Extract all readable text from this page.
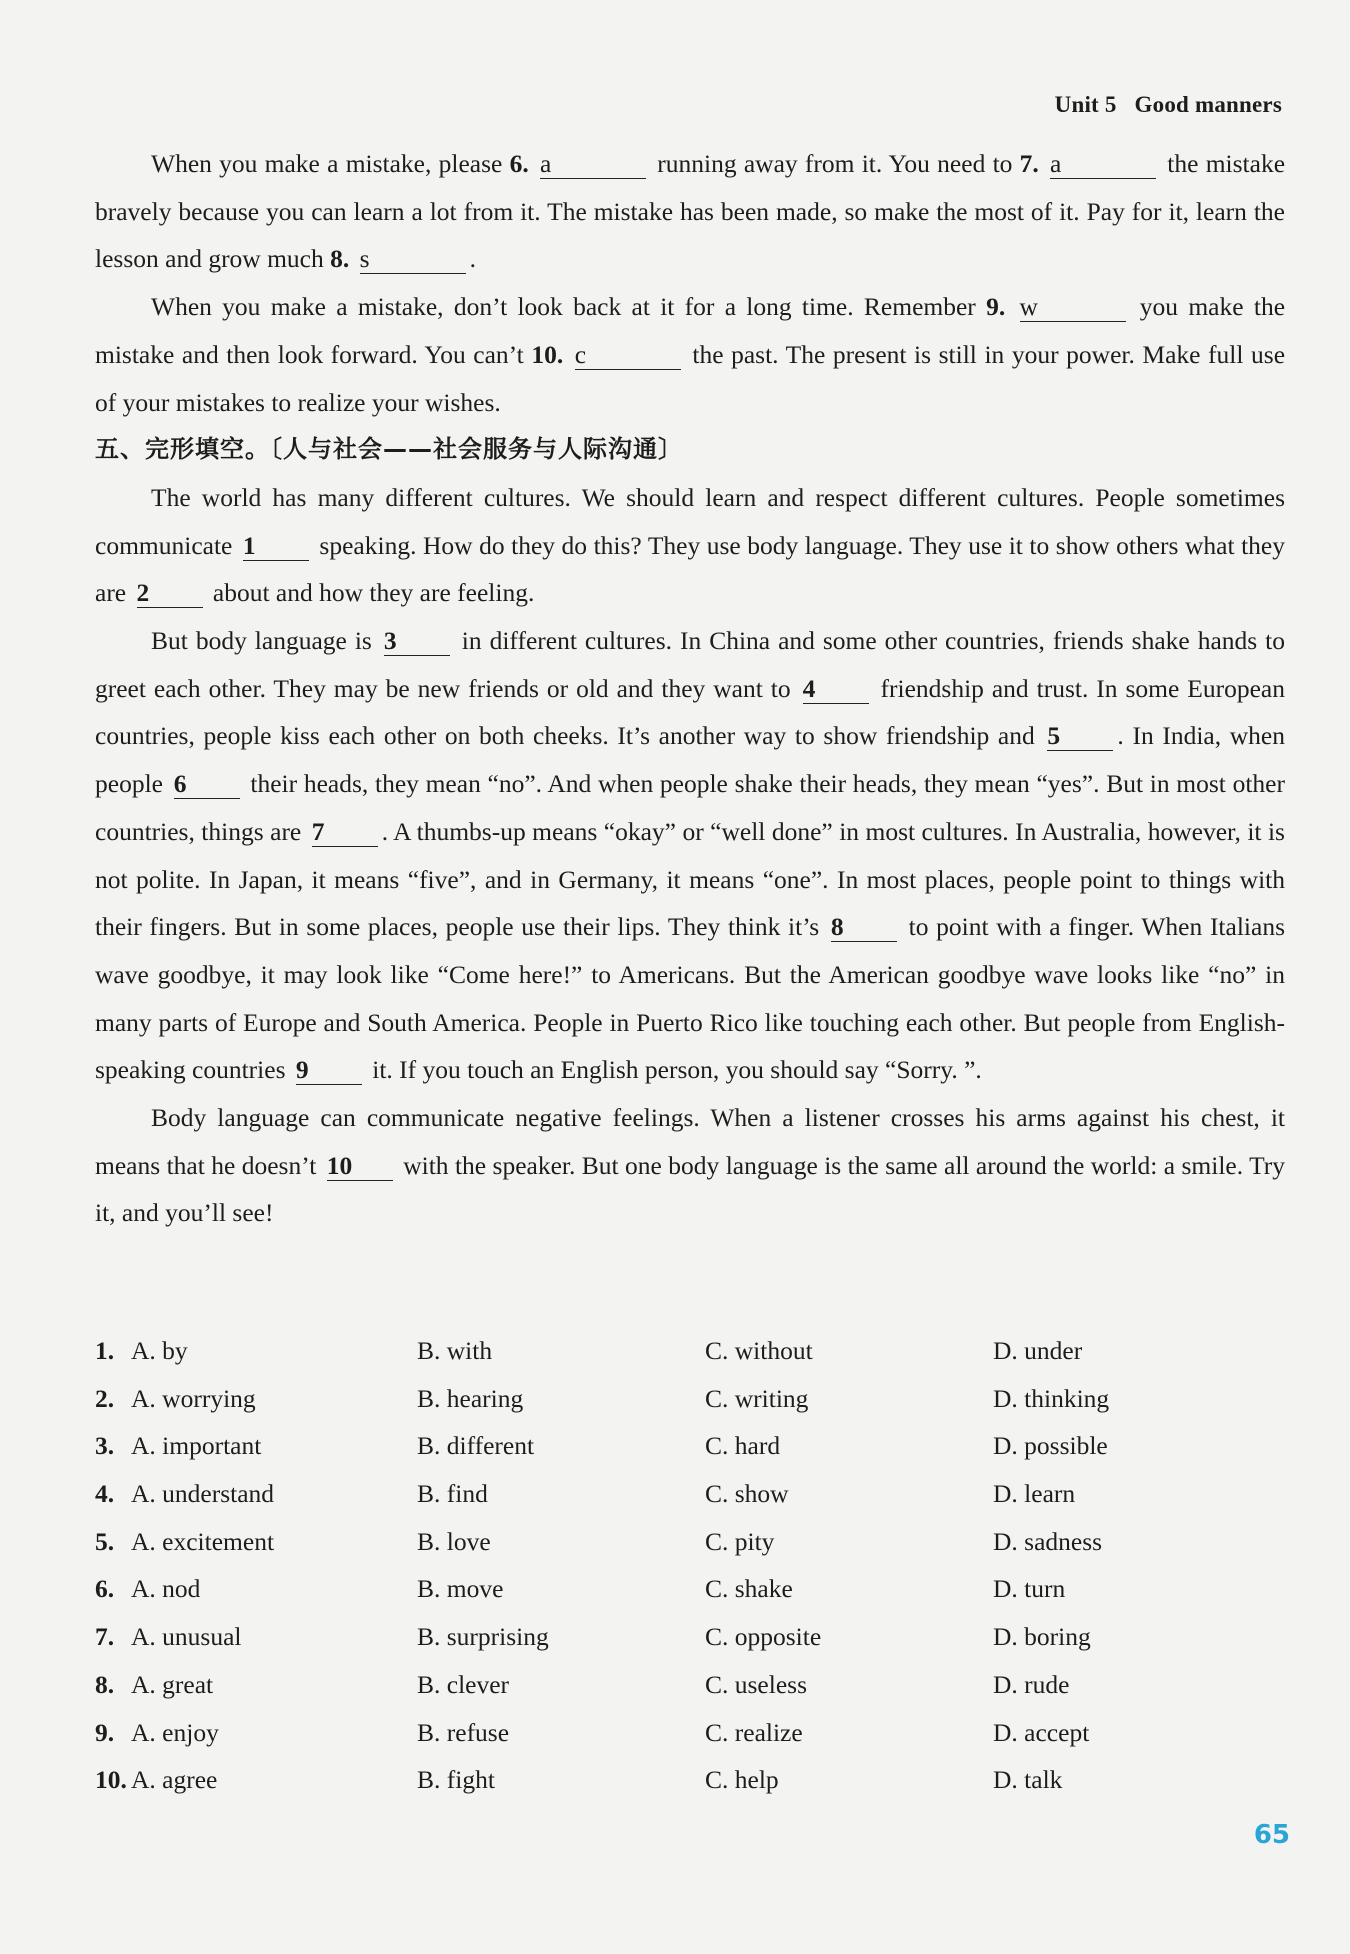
Unit 5 Good manners

When you make a mistake, please 6. a	running away from it. You need to 7. a	the mistake bravely because you can learn a lot from it. The mistake has been made, so make the most of it. Pay for it, learn the lesson and grow much 8. s	.

When you make a mistake, don’t look back at it for a long time. Remember 9. w	you make the mistake and then look forward. You can’t 10. c	the past. The present is still in your power. Make full use of your mistakes to realize your wishes.

五、完形填空。〔人与社会——社会服务与人际沟通〕

The world has many different cultures. We should learn and respect different cultures. People sometimes communicate 1 speaking. How do they do this? They use body language. They use it to show others what they are 2 about and how they are feeling.

But body language is 3 in different cultures. In China and some other countries, friends shake hands to greet each other. They may be new friends or old and they want to 4 friendship and trust. In some European countries, people kiss each other on both cheeks. It’s another way to show friendship and 5 . In India, when people 6 their heads, they mean “no”. And when people shake their heads, they mean “yes”. But in most other countries, things are 7 . A thumbs-up means “okay” or “well done” in most cultures. In Australia, however, it is not polite. In Japan, it means “five”, and in Germany, it means “one”. In most places, people point to things with their fingers. But in some places, people use their lips. They think it’s 8 to point with a finger. When Italians wave goodbye, it may look like “Come here!” to Americans. But the American goodbye wave looks like “no” in many parts of Europe and South America. People in Puerto Rico like touching each other. But people from English-speaking countries 9 it. If you touch an English person, you should say “Sorry. ”.

Body language can communicate negative feelings. When a listener crosses his arms against his chest, it means that he doesn’t 10 with the speaker. But one body language is the same all around the world: a smile. Try it, and you’ll see!

1. A. by	B. with	C. without	D. under
2. A. worrying	B. hearing	C. writing	D. thinking
3. A. important	B. different	C. hard	D. possible
4. A. understand	B. find	C. show	D. learn
5. A. excitement	B. love	C. pity	D. sadness
6. A. nod	B. move	C. shake	D. turn
7. A. unusual	B. surprising	C. opposite	D. boring
8. A. great	B. clever	C. useless	D. rude
9. A. enjoy	B. refuse	C. realize	D. accept
10. A. agree	B. fight	C. help	D. talk
65
